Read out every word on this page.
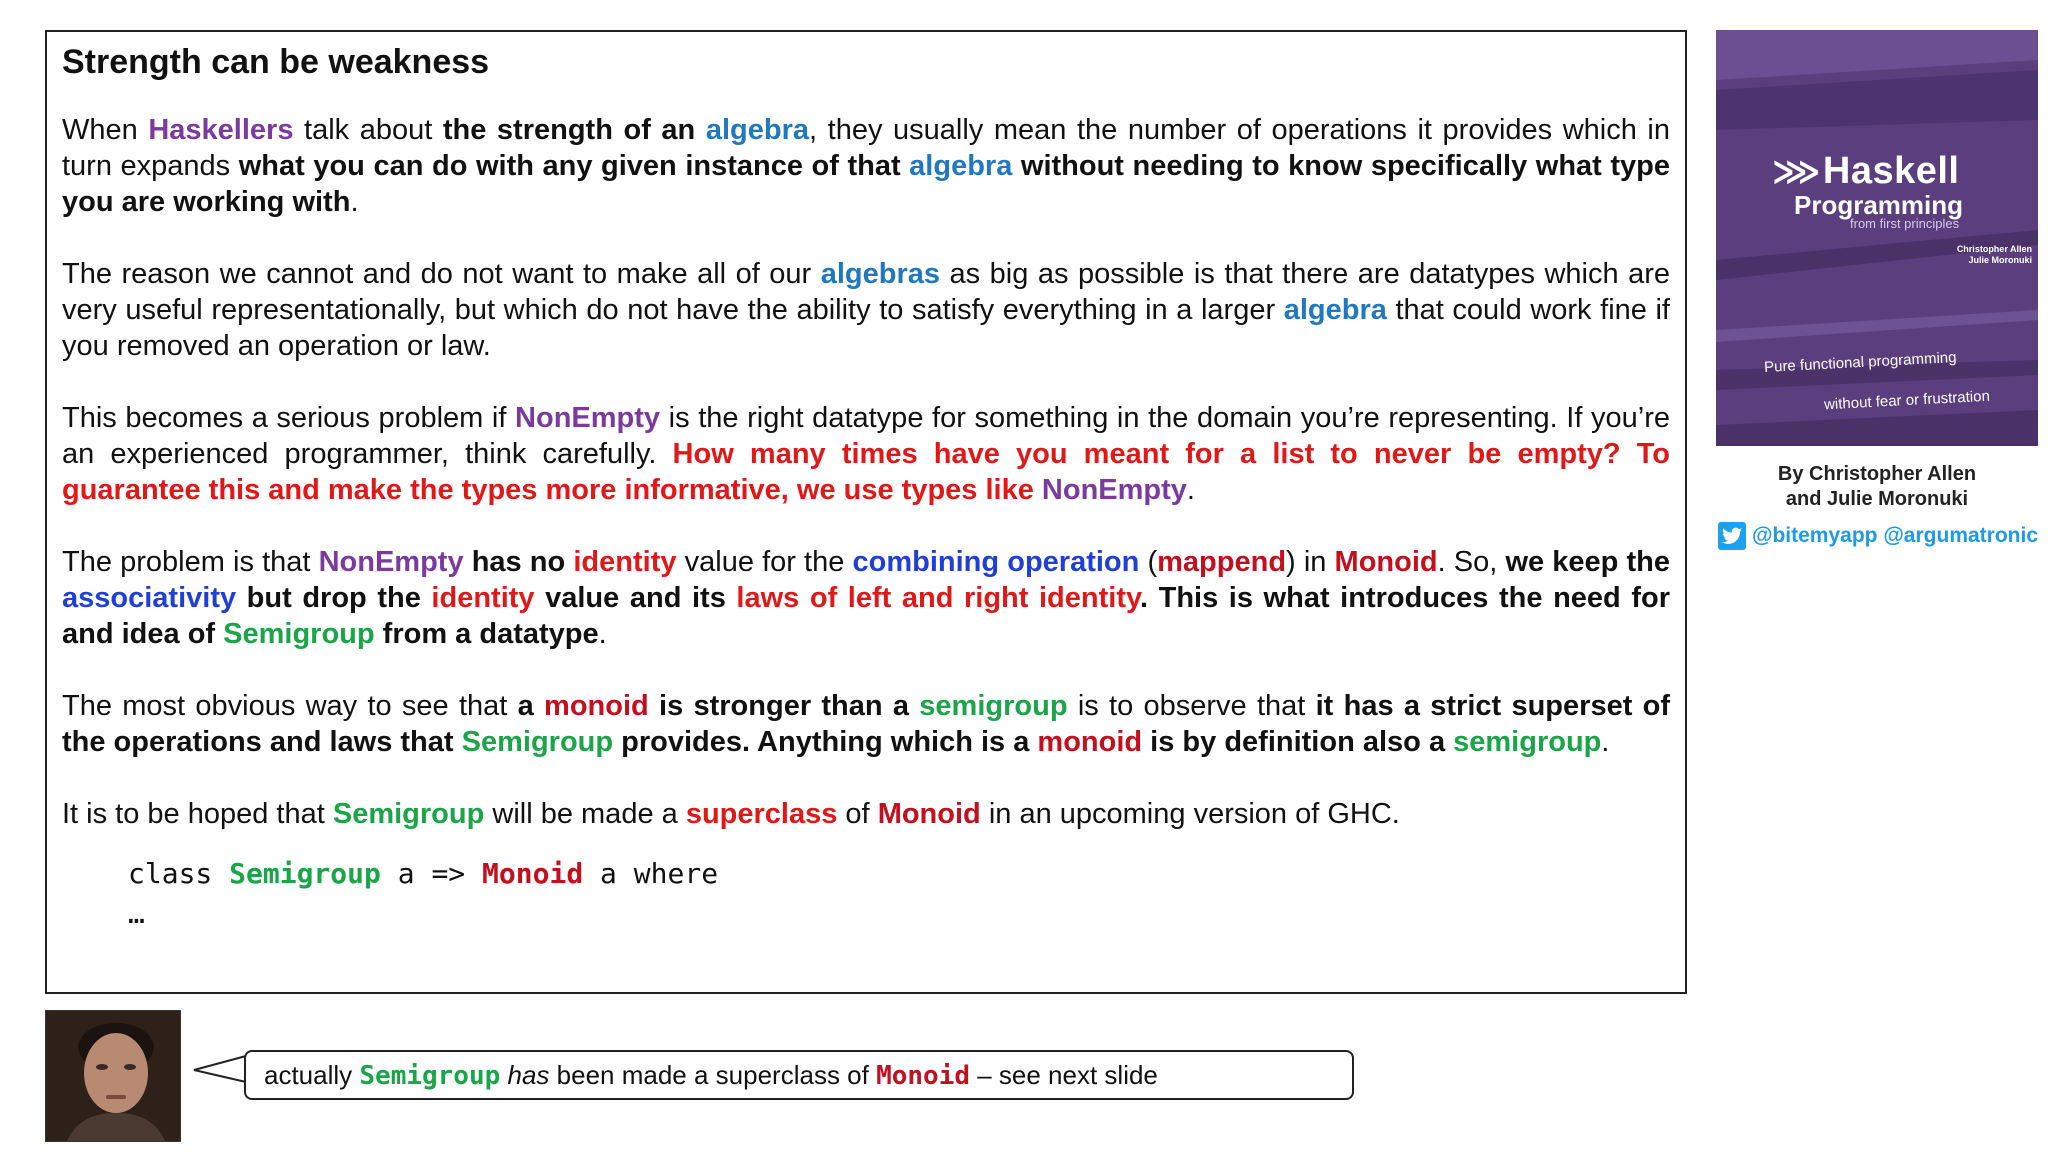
Strength can be weakness

When Haskellers talk about the strength of an algebra, they usually mean the number of operations it provides which in turn expands what you can do with any given instance of that algebra without needing to know specifically what type you are working with.

The reason we cannot and do not want to make all of our algebras as big as possible is that there are datatypes which are very useful representationally, but which do not have the ability to satisfy everything in a larger algebra that could work fine if you removed an operation or law.

This becomes a serious problem if NonEmpty is the right datatype for something in the domain you’re representing. If you’re an experienced programmer, think carefully. How many times have you meant for a list to never be empty? To guarantee this and make the types more informative, we use types like NonEmpty.

The problem is that NonEmpty has no identity value for the combining operation (mappend) in Monoid. So, we keep the associativity but drop the identity value and its laws of left and right identity. This is what introduces the need for and idea of Semigroup from a datatype.

The most obvious way to see that a monoid is stronger than a semigroup is to observe that it has a strict superset of the operations and laws that Semigroup provides. Anything which is a monoid is by definition also a semigroup.

It is to be hoped that Semigroup will be made a superclass of Monoid in an upcoming version of GHC.

class Semigroup a => Monoid a where
…
⋙Haskell
Programming
from first principles
Christopher Allen
Julie Moronuki
Pure functional programming
without fear or frustration
By Christopher Allen
and Julie Moronuki
@bitemyapp @argumatronic
actually Semigroup has been made a superclass of Monoid – see next slide
